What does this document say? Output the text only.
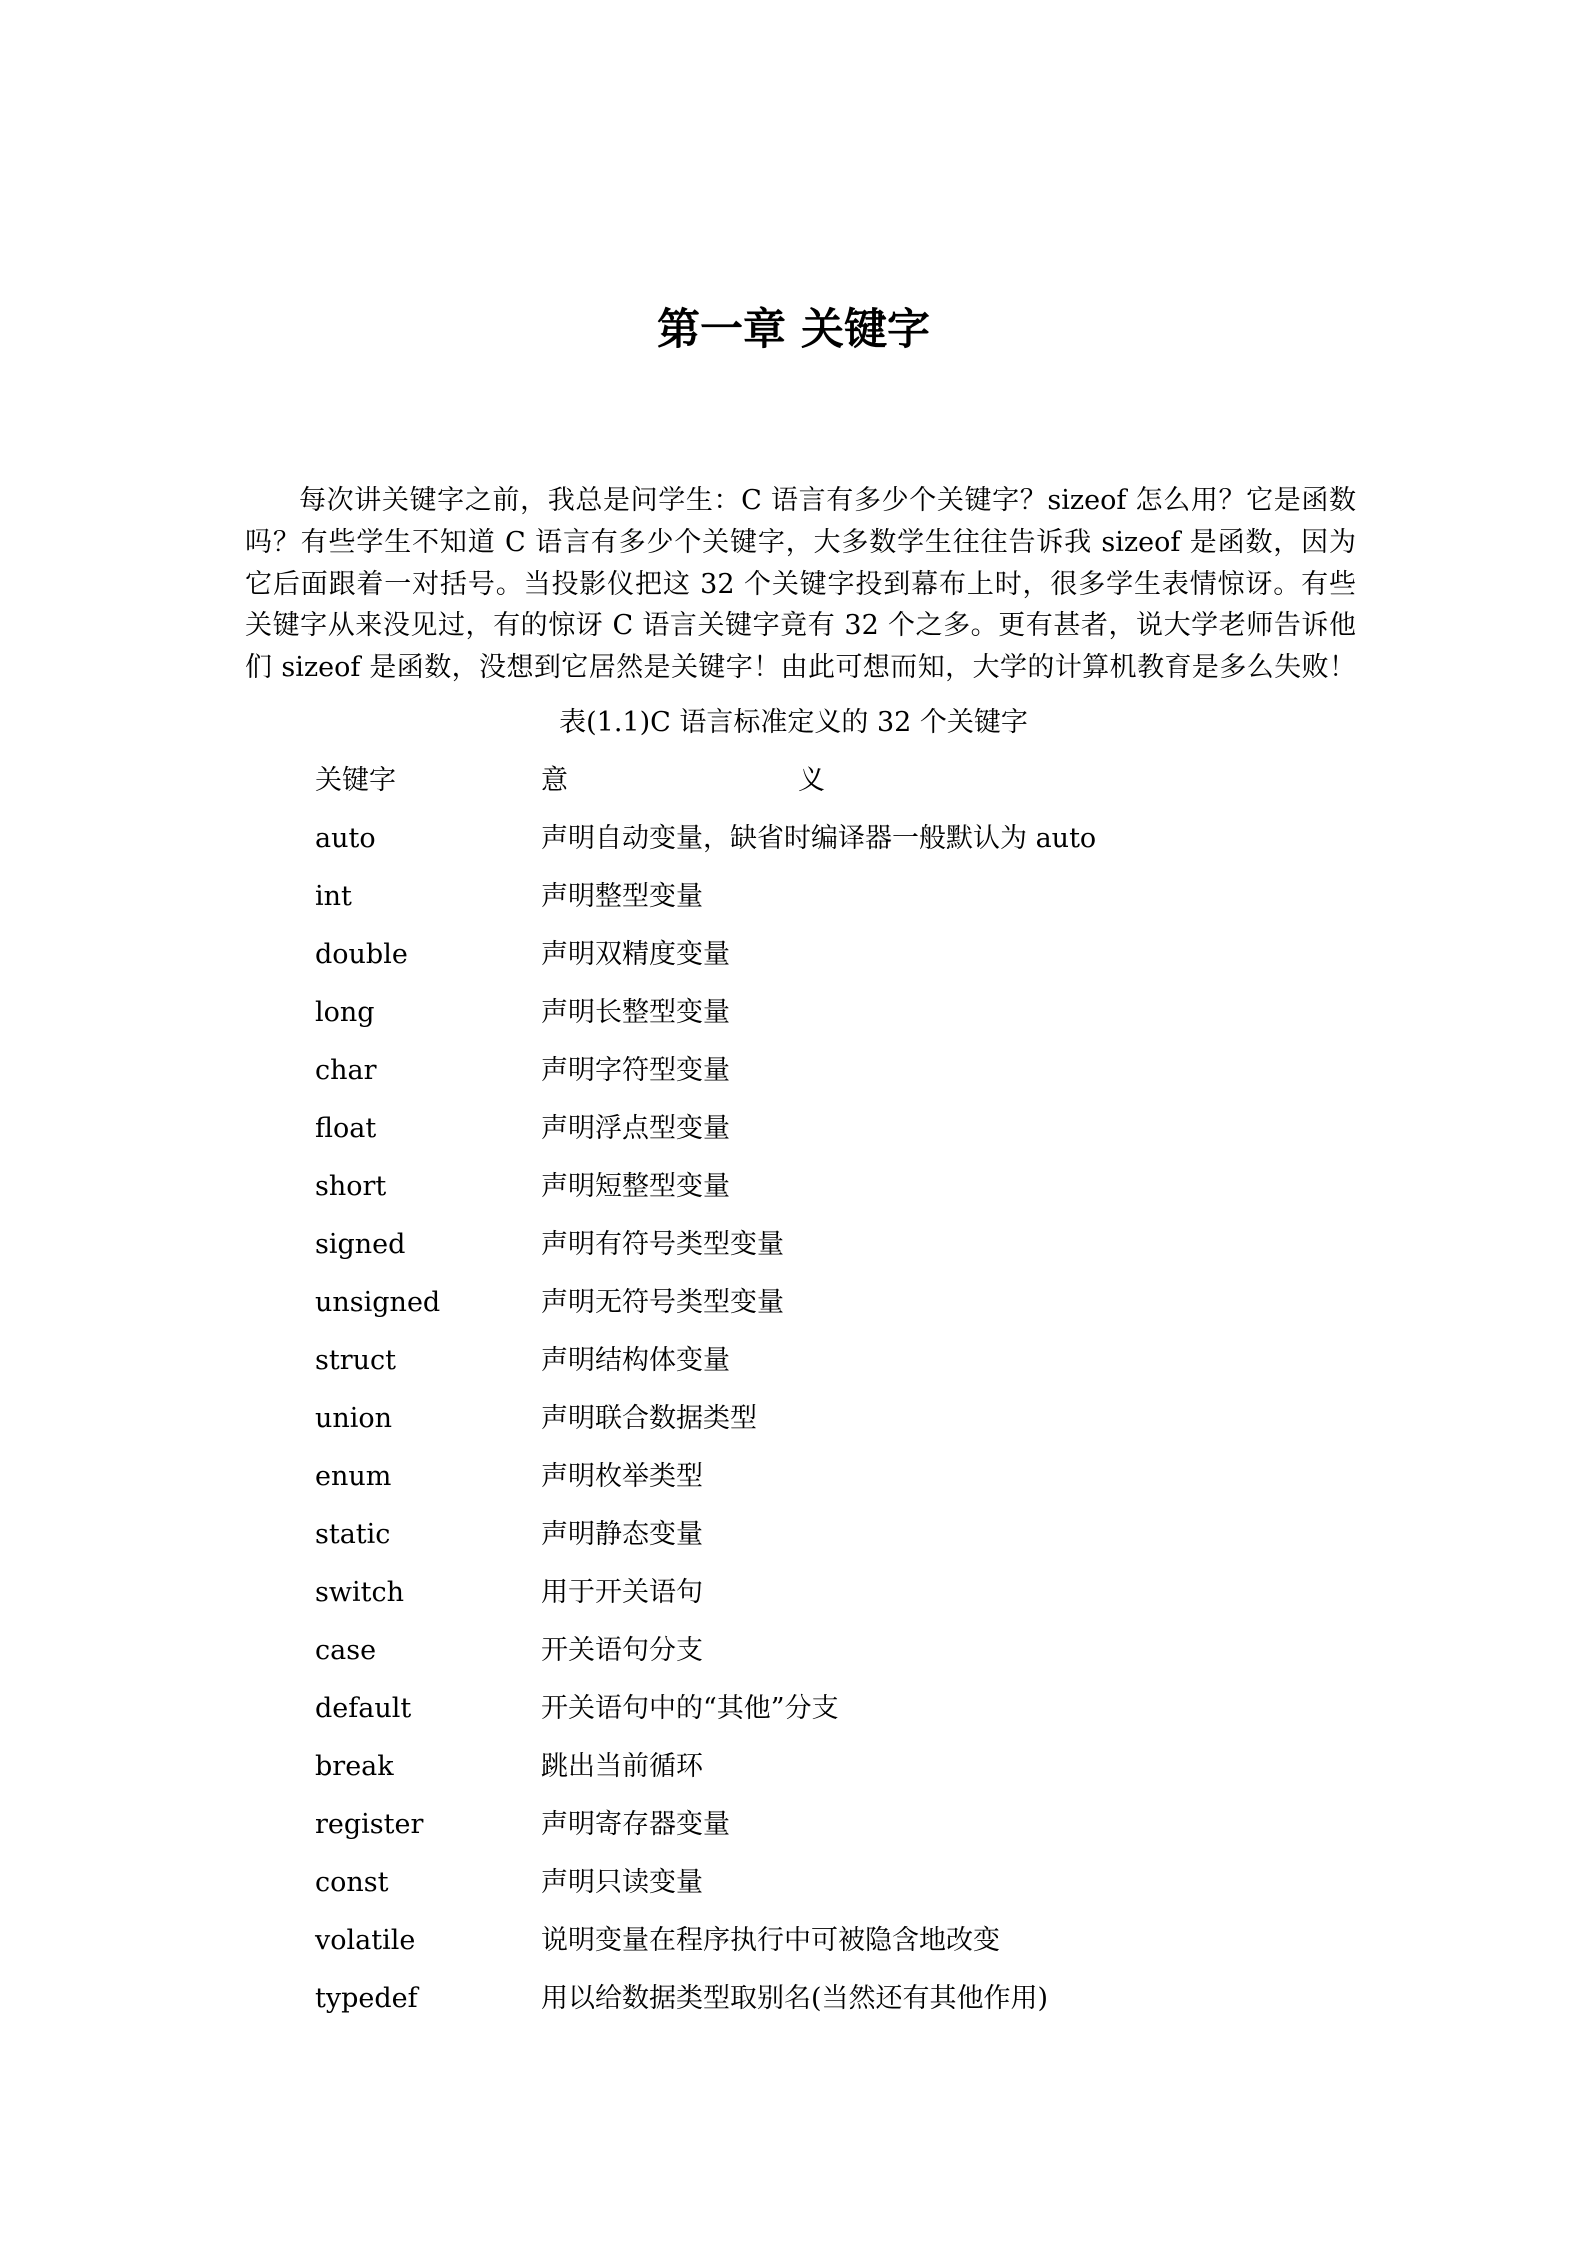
第一章 关键字
每次讲关键字之前，我总是问学生：C 语言有多少个关键字？sizeof 怎么用？它是函数
吗？有些学生不知道 C 语言有多少个关键字，大多数学生往往告诉我 sizeof 是函数，因为
它后面跟着一对括号。当投影仪把这 32 个关键字投到幕布上时，很多学生表情惊讶。有些
关键字从来没见过，有的惊讶 C 语言关键字竟有 32 个之多。更有甚者，说大学老师告诉他
们 sizeof 是函数，没想到它居然是关键字！由此可想而知，大学的计算机教育是多么失败！
表(1.1)C 语言标准定义的 32 个关键字
关键字	意	义
auto	声明自动变量，缺省时编译器一般默认为 auto
int	声明整型变量
double	声明双精度变量
long	声明长整型变量
char	声明字符型变量
float	声明浮点型变量
short	声明短整型变量
signed	声明有符号类型变量
unsigned	声明无符号类型变量
struct	声明结构体变量
union	声明联合数据类型
enum	声明枚举类型
static	声明静态变量
switch	用于开关语句
case	开关语句分支
default	开关语句中的“其他”分支
break	跳出当前循环
register	声明寄存器变量
const	声明只读变量
volatile	说明变量在程序执行中可被隐含地改变
typedef	用以给数据类型取别名(当然还有其他作用)
